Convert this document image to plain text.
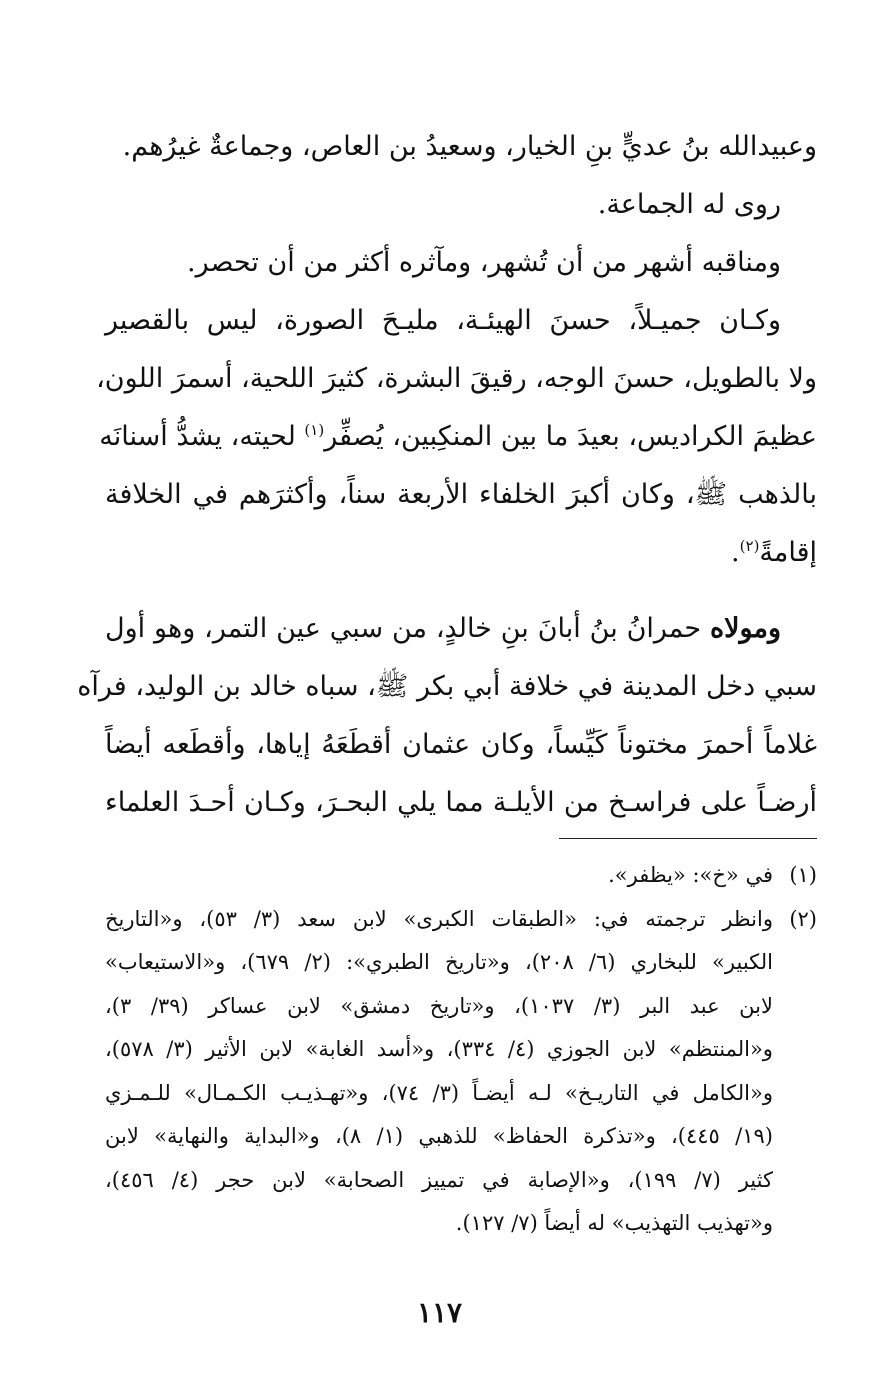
وعبيدالله بنُ عديٍّ بنِ الخيار، وسعيدُ بن العاص، وجماعةٌ غيرُهم.
روى له الجماعة.
ومناقبه أشهر من أن تُشهر، ومآثره أكثر من أن تحصر.
وكـان جميـلاً، حسنَ الهيئـة، مليـحَ الصورة، ليس بالقصير
ولا بالطويل، حسنَ الوجه، رقيقَ البشرة، كثيرَ اللحية، أسمرَ اللون،
عظيمَ الكراديس، بعيدَ ما بين المنكِبين، يُصفِّر$^{(١)}$ لحيته، يشدُّ أسنانَه
بالذهب ﷺ، وكان أكبرَ الخلفاء الأربعة سناً، وأكثرَهم في الخلافة
إقامةً$^{(٢)}$.
ومولاه حمرانُ بنُ أبانَ بنِ خالدٍ، من سبي عين التمر، وهو أول
سبي دخل المدينة في خلافة أبي بكر ﷺ، سباه خالد بن الوليد، فرآه
غلاماً أحمرَ مختوناً كَيِّساً، وكان عثمان أقطَعَهُ إياها، وأقطَعه أيضاً
أرضـاً على فراسـخ من الأيلـة مما يلي البحـرَ، وكـان أحـدَ العلماء
(١)
في «خ»: «يظفر».
(٢)
وانظر ترجمته في: «الطبقات الكبرى» لابن سعد (٣/ ٥٣)، و«التاريخ
الكبير» للبخاري (٦/ ٢٠٨)، و«تاريخ الطبري»: (٢/ ٦٧٩)، و«الاستيعاب»
لابن عبد البر (٣/ ١٠٣٧)، و«تاريخ دمشق» لابن عساكر (٣٩/ ٣)،
و«المنتظم» لابن الجوزي (٤/ ٣٣٤)، و«أسد الغابة» لابن الأثير (٣/ ٥٧٨)،
و«الكامل في التاريـخ» لـه أيضـاً (٣/ ٧٤)، و«تهـذيـب الكـمـال» للـمـزي
(١٩/ ٤٤٥)، و«تذكرة الحفاظ» للذهبي (١/ ٨)، و«البداية والنهاية» لابن
كثير (٧/ ١٩٩)، و«الإصابة في تمييز الصحابة» لابن حجر (٤/ ٤٥٦)،
و«تهذيب التهذيب» له أيضاً (٧/ ١٢٧).
١١٧
